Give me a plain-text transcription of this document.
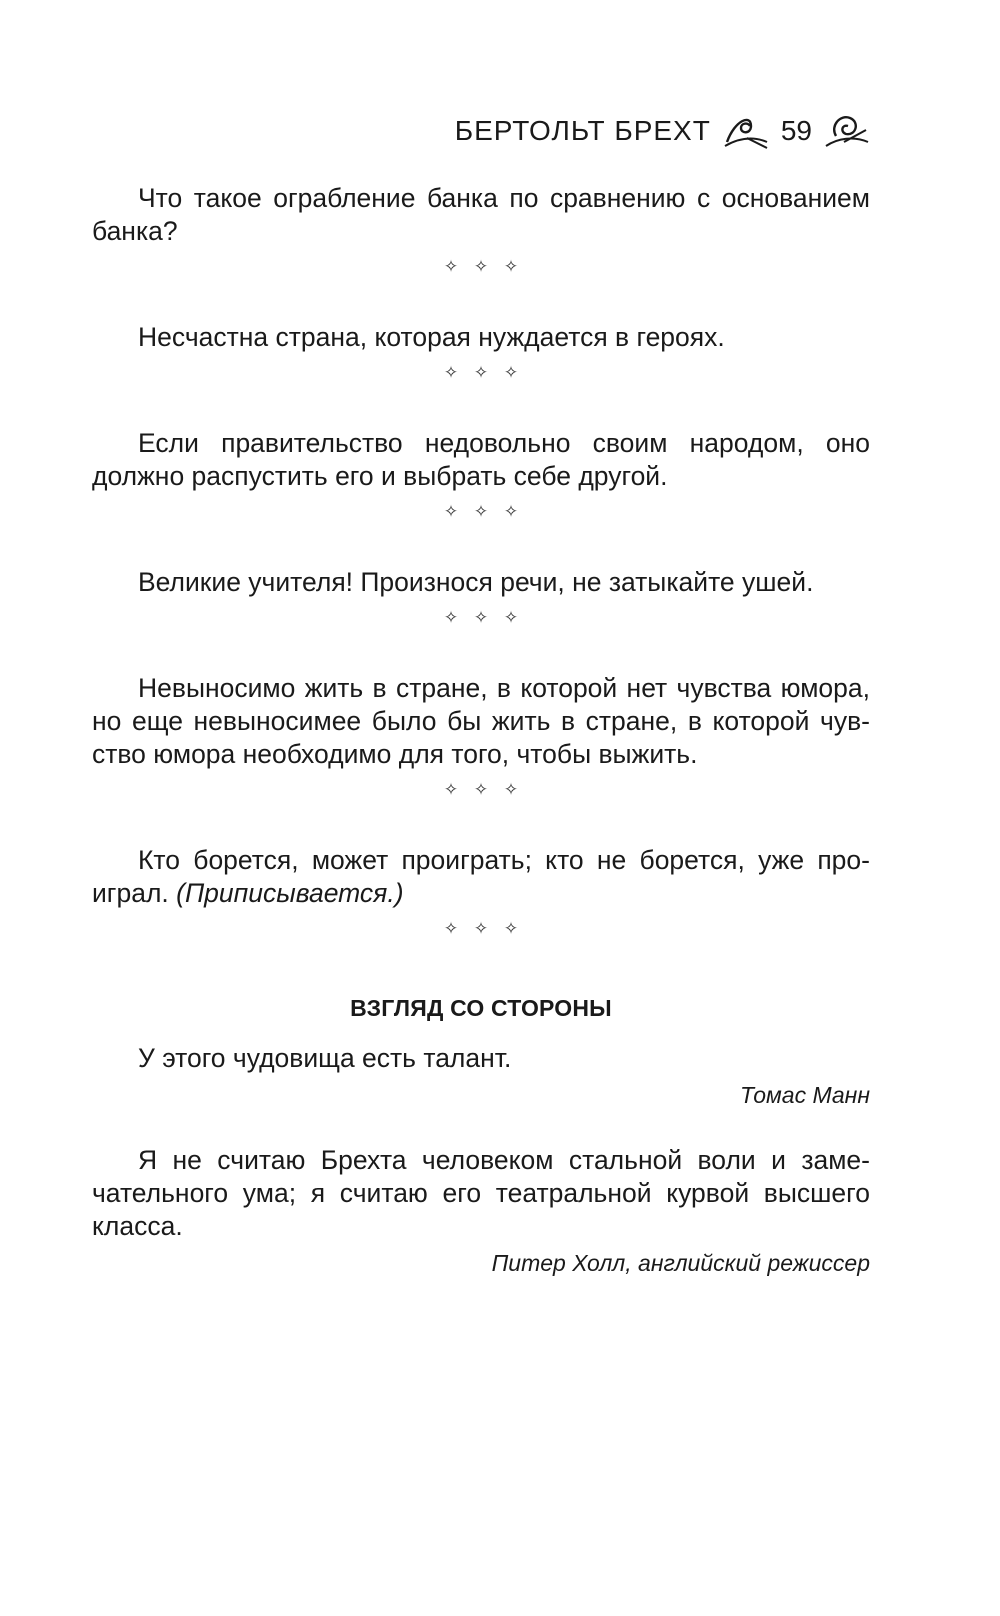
БЕРТОЛЬТ БРЕХТ	59

Что такое ограбление банка по сравнению с основанием банка?

✧ ✧ ✧

Несчастна страна, которая нуждается в героях.

✧ ✧ ✧

Если правительство недовольно своим народом, оно должно распустить его и выбрать себе другой.

✧ ✧ ✧

Великие учителя! Произнося речи, не затыкайте ушей.

✧ ✧ ✧

Невыносимо жить в стране, в которой нет чувства юмора, но еще невыносимее было бы жить в стране, в которой чувство юмора необходимо для того, чтобы выжить.

✧ ✧ ✧

Кто борется, может проиграть; кто не борется, уже проиграл. (Приписывается.)

✧ ✧ ✧
ВЗГЛЯД СО СТОРОНЫ

У этого чудовища есть талант.

Томас Манн

Я не считаю Брехта человеком стальной воли и замечательного ума; я считаю его театральной курвой высшего класса.

Питер Холл, английский режиссер
